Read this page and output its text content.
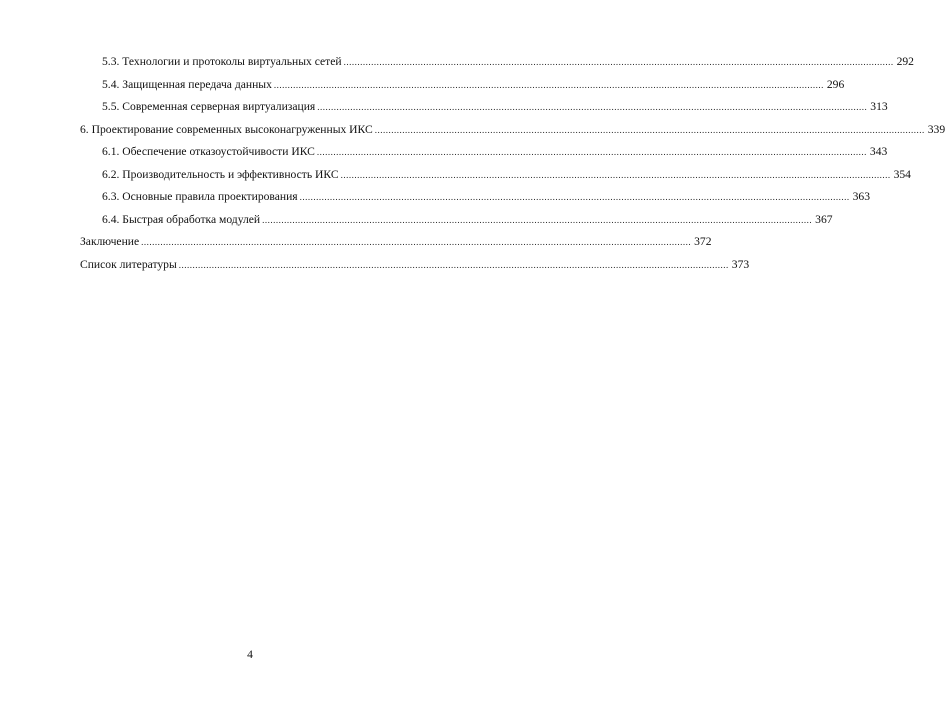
5.3. Технологии и протоколы виртуальных сетей ........................................................................................................................................................................................................ 292
5.4. Защищенная передача данных ........................................................................................................................................................................................................ 296
5.5. Современная серверная виртуализация ........................................................................................................................................................................................................ 313
6. Проектирование современных высоконагруженных ИКС ........................................................................................................................................................................................................ 339
6.1. Обеспечение отказоустойчивости ИКС ........................................................................................................................................................................................................ 343
6.2. Производительность и эффективность ИКС ........................................................................................................................................................................................................ 354
6.3. Основные правила проектирования ........................................................................................................................................................................................................ 363
6.4. Быстрая обработка модулей ........................................................................................................................................................................................................ 367
Заключение ........................................................................................................................................................................................................ 372
Список литературы ........................................................................................................................................................................................................ 373
4
